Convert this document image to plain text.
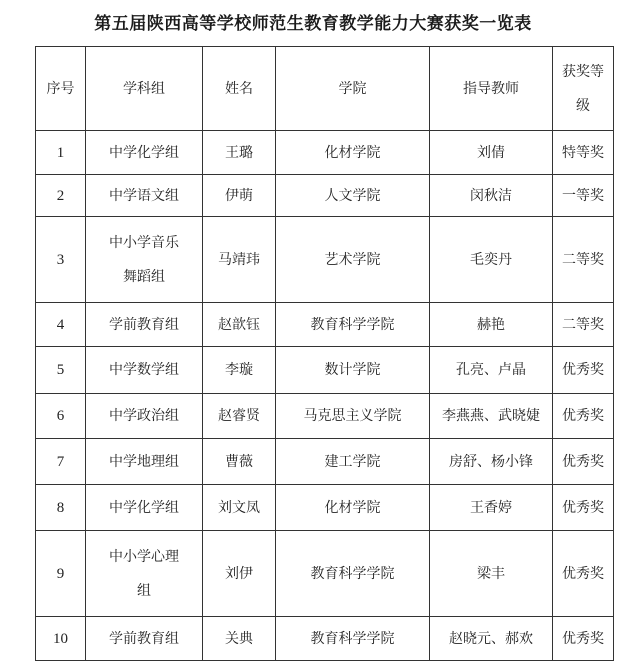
第五届陕西高等学校师范生教育教学能力大赛获奖一览表
序号	学科组	姓名	学院	指导教师	获奖等级

1	中学化学组	王璐	化材学院	刘倩	特等奖
2	中学语文组	伊萌	人文学院	闵秋洁	一等奖
3	中小学音乐舞蹈组	马靖玮	艺术学院	毛奕丹	二等奖
4	学前教育组	赵歆钰	教育科学学院	赫艳	二等奖
5	中学数学组	李璇	数计学院	孔亮、卢晶	优秀奖
6	中学政治组	赵睿贤	马克思主义学院	李燕燕、武晓婕	优秀奖
7	中学地理组	曹薇	建工学院	房舒、杨小锋	优秀奖
8	中学化学组	刘文凤	化材学院	王香婷	优秀奖
9	中小学心理组	刘伊	教育科学学院	梁丰	优秀奖
10	学前教育组	关典	教育科学学院	赵晓元、郝欢	优秀奖
